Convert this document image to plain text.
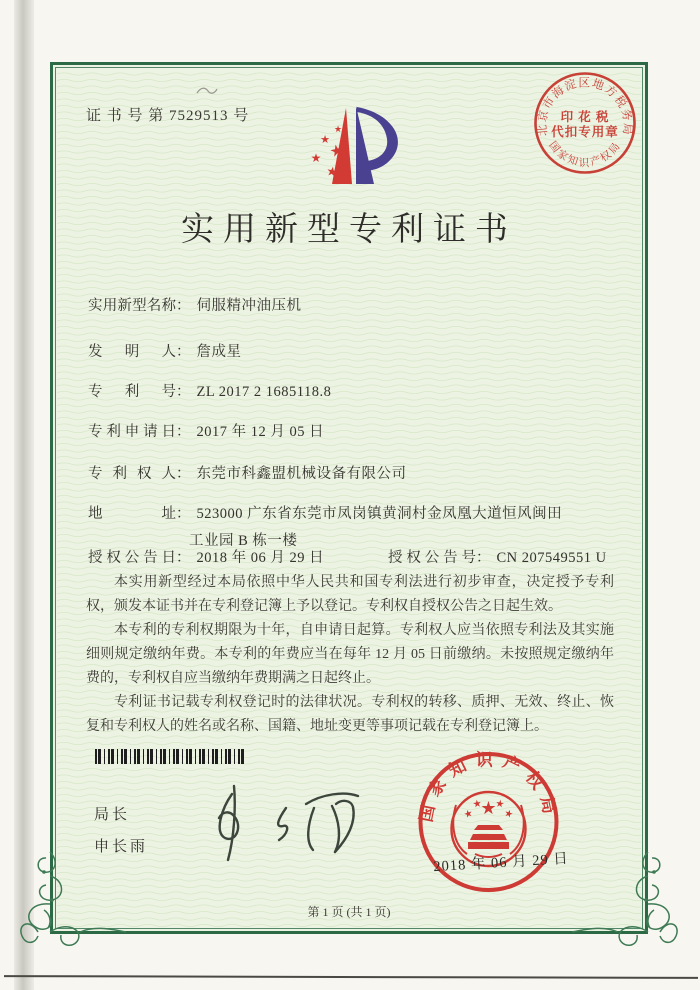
证 书 号 第 7529513 号
★
★
★
★
★
北京市海淀区地方税务局
印 花 税
代扣专用章
国家知识产权局
实用新型专利证书
实用新型名称： 伺服精冲油压机
发明人： 詹成星
专利号： ZL 2017 2 1685118.8
专利申请日： 2017 年 12 月 05 日
专利权人： 东莞市科鑫盟机械设备有限公司
地址： 523000 广东省东莞市凤岗镇黄洞村金凤凰大道恒风闽田
工业园 B 栋一楼
授权公告日： 2018 年 06 月 29 日	授权公告号： CN 207549551 U

本实用新型经过本局依照中华人民共和国专利法进行初步审查，决定授予专利权，颁发本证书并在专利登记簿上予以登记。专利权自授权公告之日起生效。

本专利的专利权期限为十年，自申请日起算。专利权人应当依照专利法及其实施细则规定缴纳年费。本专利的年费应当在每年 12 月 05 日前缴纳。未按照规定缴纳年费的，专利权自应当缴纳年费期满之日起终止。

专利证书记载专利权登记时的法律状况。专利权的转移、质押、无效、终止、恢复和专利权人的姓名或名称、国籍、地址变更等事项记载在专利登记簿上。

局长
申长雨
国家知识产权局
★
★
★ ★
★
2018 年 06 月 29 日
第 1 页 (共 1 页)
